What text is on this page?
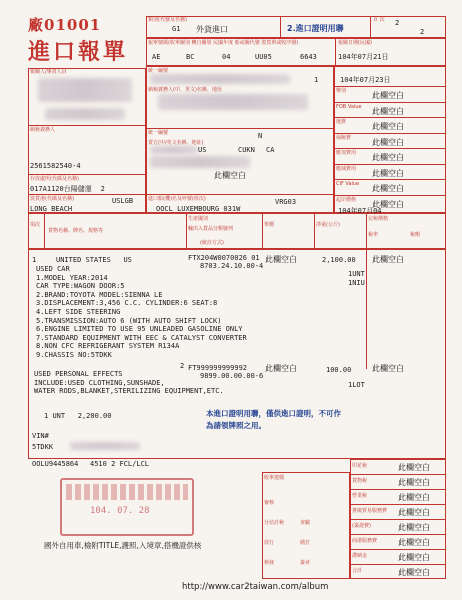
廠01001
進口報單
類別(代號及名稱)
G1 外貨進口	2.進口證明用聯
頁 次 2
2
報單號碼(收單關別 轉自關別 民國年度 船或關代號 裝貨單或收序號)
AE	BC	04	UU05	6643
報關日期(民國)
104年07月21日
報關人/專責人員
納稅義務人
2561582540-4
存放處所(代碼及名稱)
017A1120台陽儲運 2
裝貨港(代碼及名稱)	USLGB
LONG BEACH
統一編號
納稅義務人(中、英文)名稱、地址
1
統一編號	N
賣方(中/英文名稱、地址)
US	CUKN CA
此欄空白
進口船(機)名及呼號(班次)
OOCL LUXEMBOURG 031W
VRG03
104年07月23日
幣別	此欄空白
FOB Value 此欄空白
運費	此欄空白
保險費	此欄空白
應加費用 此欄空白
應減費用 此欄空白
CIF Value 此欄空白
起岸價格 此欄空白
104年07月04
項次
貨物名稱、牌名、規格等
生產國別
輸出入貨品分類號列
(統計方式)
單價	淨重(公斤)
完稅價格
稅率	稅額
1	UNITED STATES US	FTX204W0070026 01
8703.24.10.00-4
此欄空白	2,100.00
1UNT
1NIU
此欄空白
USED CAR
1.MODEL YEAR:2014
CAR TYPE:WAGON DOOR:5
2.BRAND:TOYOTA MODEL:SIENNA LE
3.DISPLACEMENT:3,456 C.C. CYLINDER:6 SEAT:8
4.LEFT SIDE STEERING
5.TRANSMISSION:AUTO 6 (WITH AUTO SHIFT LOCK)
6.ENGINE LIMITED TO USE 95 UNLEADED GASOLINE ONLY
7.STANDARD EQUIPMENT WITH EEC & CATALYST CONVERTER
8.NON CFC REFRIGERANT SYSTEM R134A
9.CHASSIS NO:5TDKK
2 FT999999999992
9899.00.00.00-6
此欄空白	100.00
1LOT
此欄空白
USED PERSONAL EFFECTS
INCLUDE:USED CLOTHING,SUNSHADE,
WATER RODS,BLANKET,STERILIZING EQUIPMENT,ETC.
1 UNT 2,200.00
VIN#
5TDKK
OOLU9445864 4510 2 FCL/LCL
本進口證明用聯，僅供進口證明，不可作為請領牌照之用。
104. 07. 28
國外自用車,檢附TITLE,護照,入境章,搭機證供核
印花稅	此欄空白
貨物稅	此欄空白
營業稅	此欄空白
推廣貿易服務費 此欄空白
(簽證費)	此欄空白
商港服務費	此欄空白
滯納金	此欄空白
合計	此欄空白
收單建檔
審核
分估計稅
放行
查驗
繕打
核發	簽章
http://www.car2taiwan.com/album
